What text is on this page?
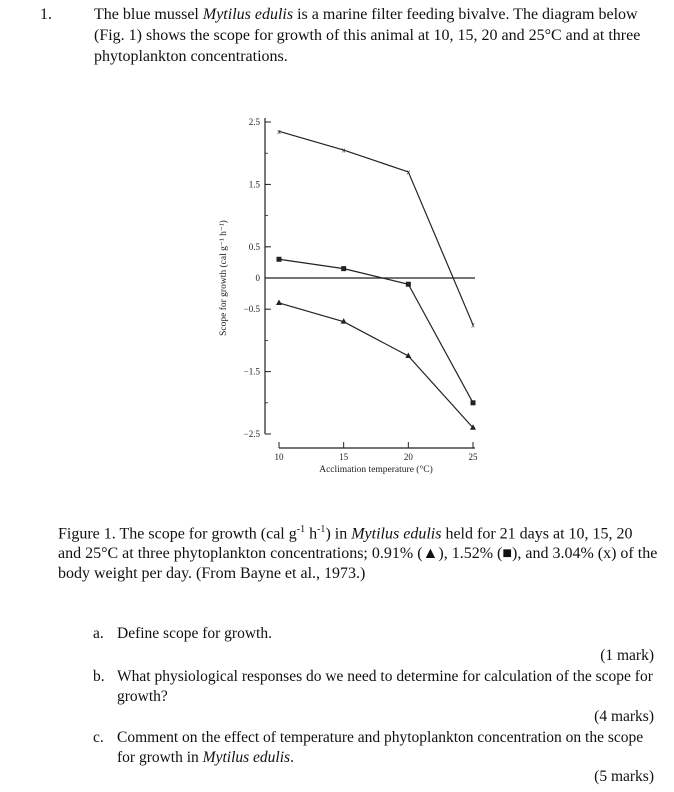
1.	The blue mussel Mytilus edulis is a marine filter feeding bivalve. The diagram below (Fig. 1) shows the scope for growth of this animal at 10, 15, 20 and 25°C and at three phytoplankton concentrations.
2.5
1.5
0.5
0
−0.5
−1.5
−2.5
10	15	20	25
Acclimation temperature (°C)
Scope for growth (cal g⁻¹ h⁻¹)
x
x
x
x
Figure 1. The scope for growth (cal $g^{-1}$ $h^{-1}$) in Mytilus edulis held for 21 days at 10, 15, 20 and 25°C at three phytoplankton concentrations; 0.91% (▲), 1.52% (■), and 3.04% (x) of the body weight per day. (From Bayne et al., 1973.)
a. Define scope for growth.
(1 mark)
b. What physiological responses do we need to determine for calculation of the scope for growth?
(4 marks)
c. Comment on the effect of temperature and phytoplankton concentration on the scope for growth in Mytilus edulis.
(5 marks)
